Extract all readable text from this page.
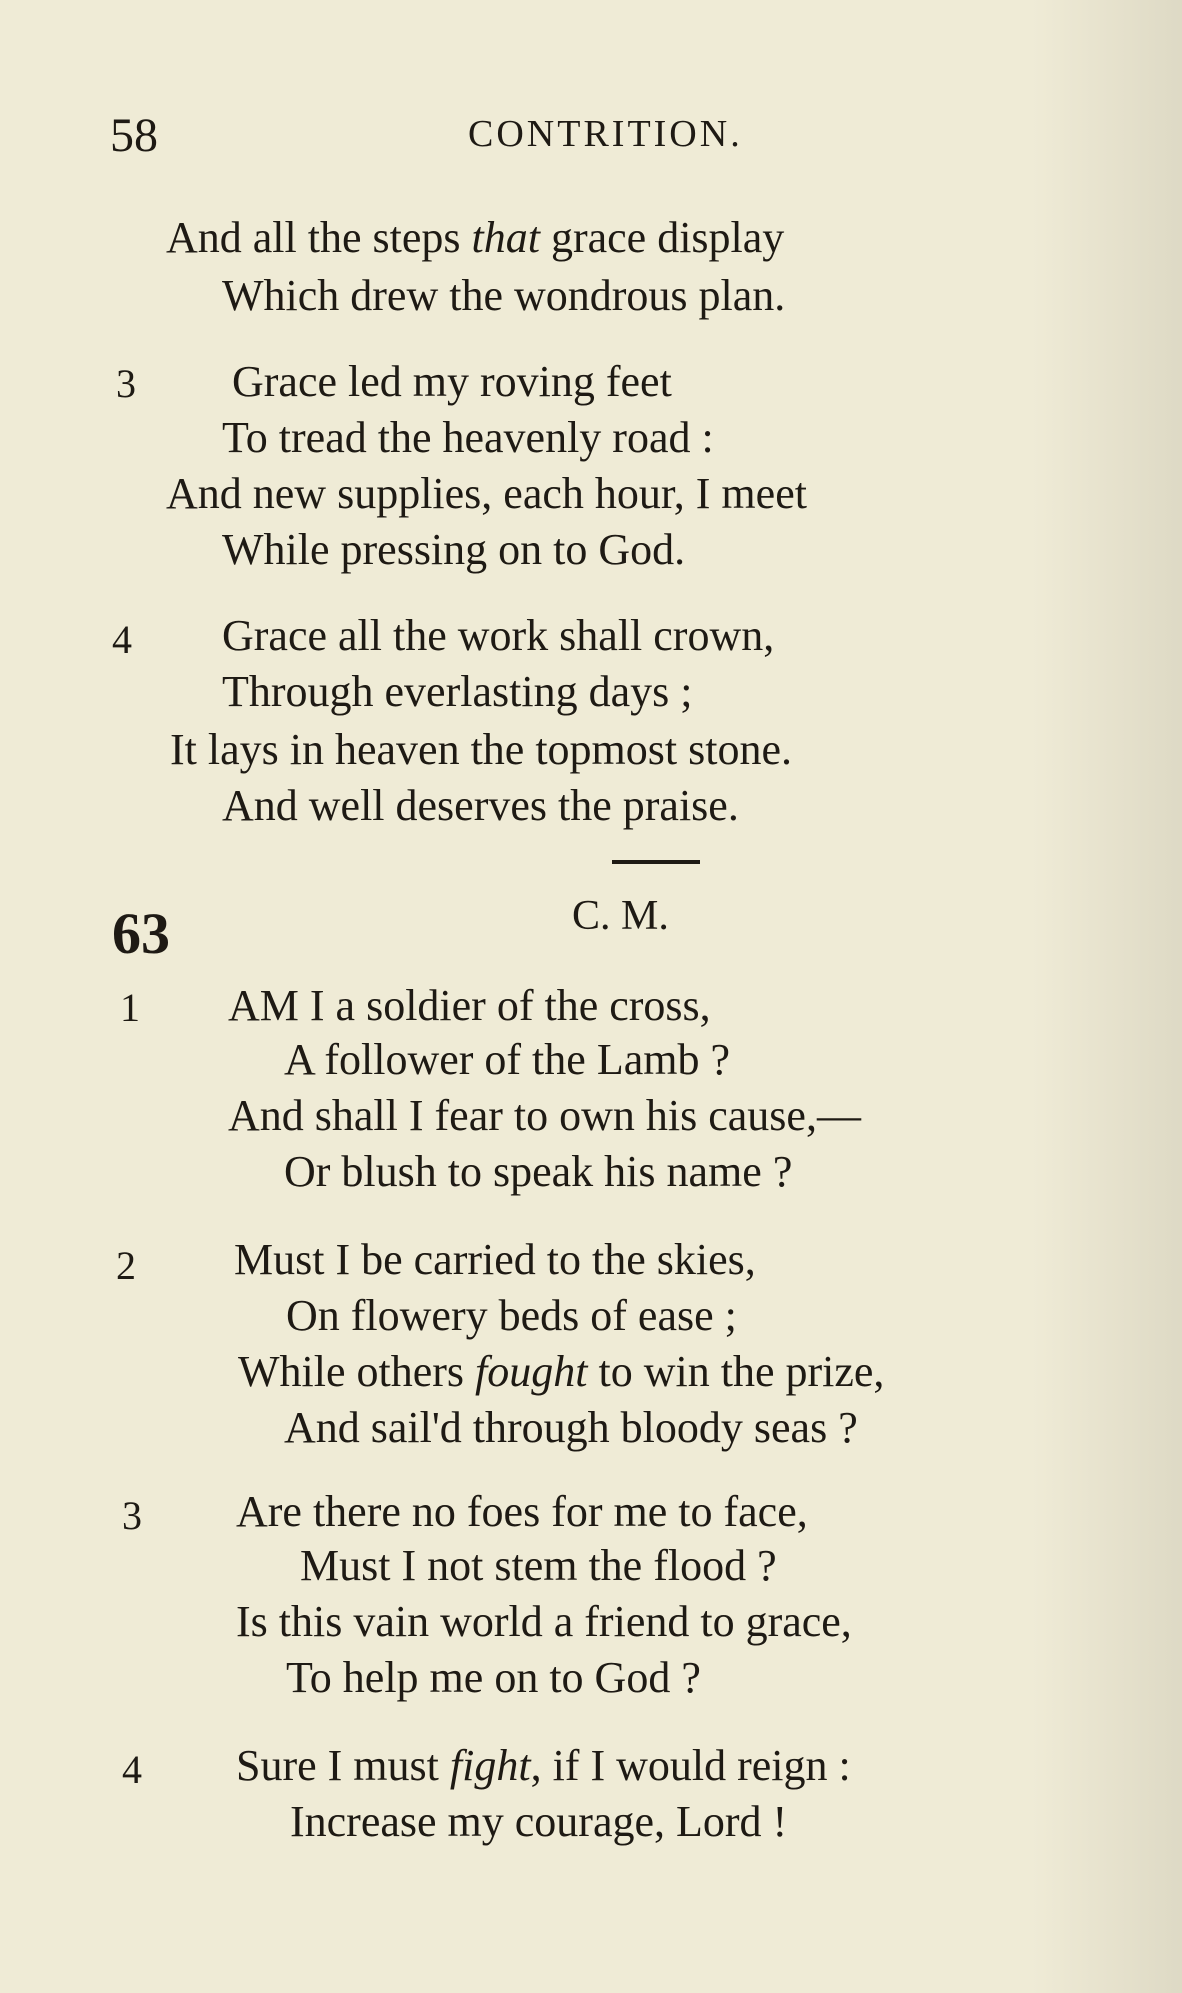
58	CONTRITION.
And all the steps that grace display
Which drew the wondrous plan.
3 Grace led my roving feet
To tread the heavenly road :
And new supplies, each hour, I meet
While pressing on to God.
4 Grace all the work shall crown,
Through everlasting days ;
It lays in heaven the topmost stone.
And well deserves the praise.
63	C. M.
1 AM I a soldier of the cross,
A follower of the Lamb ?
And shall I fear to own his cause,—
Or blush to speak his name ?
2 Must I be carried to the skies,
On flowery beds of ease ;
While others fought to win the prize,
And sail'd through bloody seas ?
3 Are there no foes for me to face,
Must I not stem the flood ?
Is this vain world a friend to grace,
To help me on to God ?
4 Sure I must fight, if I would reign :
Increase my courage, Lord !
